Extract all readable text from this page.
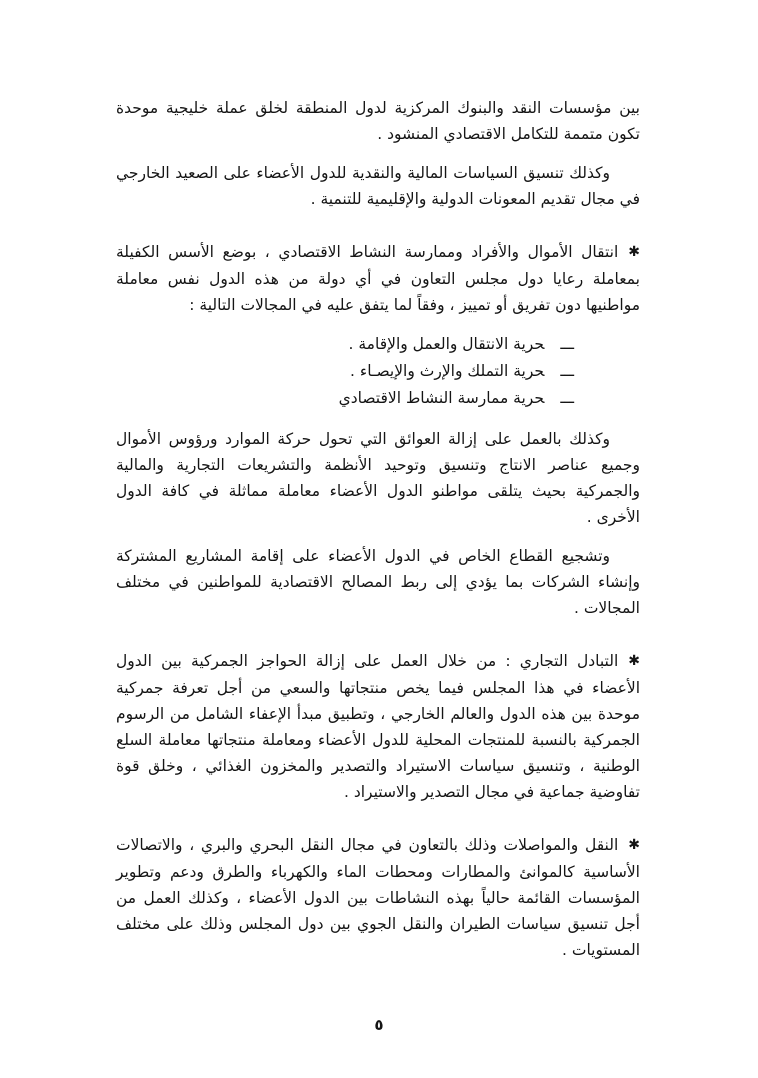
بين مؤسسات النقد والبنوك المركزية لدول المنطقة لخلق عملة خليجية موحدة تكون متممة للتكامل الاقتصادي المنشود .

وكذلك تنسيق السياسات المالية والنقدية للدول الأعضاء على الصعيد الخارجي في مجال تقديم المعونات الدولية والإقليمية للتنمية .

✱انتقال الأموال والأفراد وممارسة النشاط الاقتصادي ، بوضع الأسس الكفيلة بمعاملة رعايا دول مجلس التعاون في أي دولة من هذه الدول نفس معاملة مواطنيها دون تفريق أو تمييز ، وفقاً لما يتفق عليه في المجالات التالية :
ـــحرية الانتقال والعمل والإقامة .
ـــحرية التملك والإرث والإيصـاء .
ـــحرية ممارسة النشاط الاقتصادي

وكذلك بالعمل على إزالة العوائق التي تحول حركة الموارد ورؤوس الأموال وجميع عناصر الانتاج وتنسيق وتوحيد الأنظمة والتشريعات التجارية والمالية والجمركية بحيث يتلقى مواطنو الدول الأعضاء معاملة مماثلة في كافة الدول الأخرى .

وتشجيع القطاع الخاص في الدول الأعضاء على إقامة المشاريع المشتركة وإنشاء الشركات بما يؤدي إلى ربط المصالح الاقتصادية للمواطنين في مختلف المجالات .

✱التبادل التجاري : من خلال العمل على إزالة الحواجز الجمركية بين الدول الأعضاء في هذا المجلس فيما يخص منتجاتها والسعي من أجل تعرفة جمركية موحدة بين هذه الدول والعالم الخارجي ، وتطبيق مبدأ الإعفاء الشامل من الرسوم الجمركية بالنسبة للمنتجات المحلية للدول الأعضاء ومعاملة منتجاتها معاملة السلع الوطنية ، وتنسيق سياسات الاستيراد والتصدير والمخزون الغذائي ، وخلق قوة تفاوضية جماعية في مجال التصدير والاستيراد .
✱النقل والمواصلات وذلك بالتعاون في مجال النقل البحري والبري ، والاتصالات الأساسية كالموانئ والمطارات ومحطات الماء والكهرباء والطرق ودعم وتطوير المؤسسات القائمة حالياً بهذه النشاطات بين الدول الأعضاء ، وكذلك العمل من أجل تنسيق سياسات الطيران والنقل الجوي بين دول المجلس وذلك على مختلف المستويات .
٥
